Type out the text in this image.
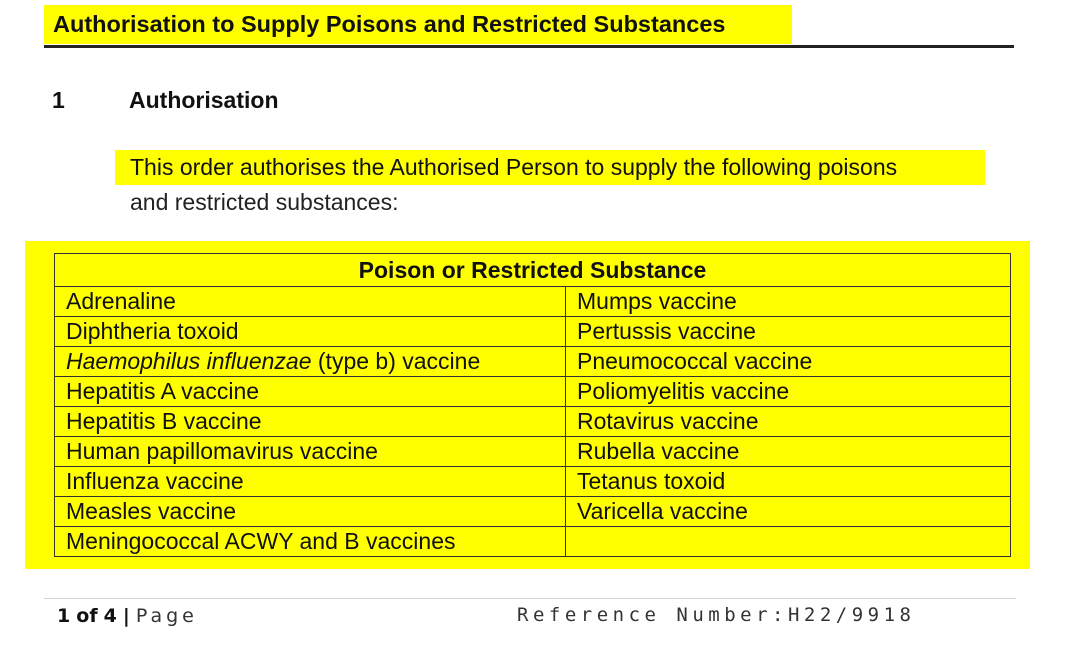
Authorisation to Supply Poisons and Restricted Substances
1	Authorisation
This order authorises the Authorised Person to supply the following poisons
and restricted substances:
Poison or Restricted Substance	
Adrenaline	Mumps vaccine
Diphtheria toxoid	Pertussis vaccine
Haemophilus influenzae (type b) vaccine	Pneumococcal vaccine
Hepatitis A vaccine	Poliomyelitis vaccine
Hepatitis B vaccine	Rotavirus vaccine
Human papillomavirus vaccine	Rubella vaccine
Influenza vaccine	Tetanus toxoid
Measles vaccine	Varicella vaccine
Meningococcal ACWY and B vaccines	
1 of 4 | Page	Reference Number:H22/9918
